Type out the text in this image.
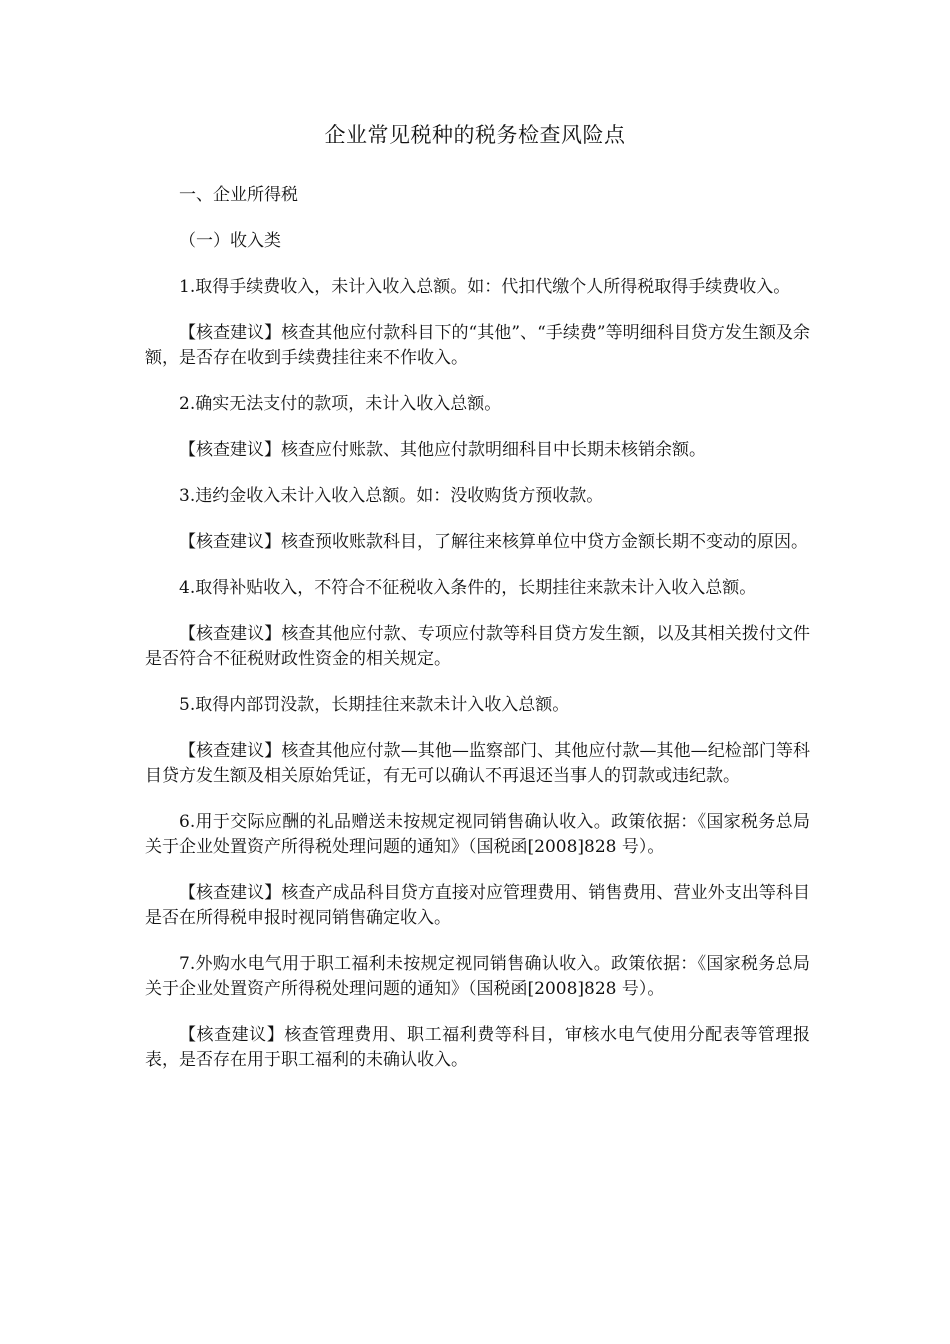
企业常见税种的税务检查风险点

一、企业所得税

（一）收入类

1.取得手续费收入，未计入收入总额。如：代扣代缴个人所得税取得手续费收入。

【核查建议】核查其他应付款科目下的“其他”、“手续费”等明细科目贷方发生额及余额，是否存在收到手续费挂往来不作收入。

2.确实无法支付的款项，未计入收入总额。

【核查建议】核查应付账款、其他应付款明细科目中长期未核销余额。

3.违约金收入未计入收入总额。如：没收购货方预收款。

【核查建议】核查预收账款科目，了解往来核算单位中贷方金额长期不变动的原因。

4.取得补贴收入，不符合不征税收入条件的，长期挂往来款未计入收入总额。

【核查建议】核查其他应付款、专项应付款等科目贷方发生额，以及其相关拨付文件是否符合不征税财政性资金的相关规定。

5.取得内部罚没款，长期挂往来款未计入收入总额。

【核查建议】核查其他应付款—其他—监察部门、其他应付款—其他—纪检部门等科目贷方发生额及相关原始凭证，有无可以确认不再退还当事人的罚款或违纪款。

6.用于交际应酬的礼品赠送未按规定视同销售确认收入。政策依据：《国家税务总局关于企业处置资产所得税处理问题的通知》（国税函[2008]828 号）。

【核查建议】核查产成品科目贷方直接对应管理费用、销售费用、营业外支出等科目是否在所得税申报时视同销售确定收入。

7.外购水电气用于职工福利未按规定视同销售确认收入。政策依据：《国家税务总局关于企业处置资产所得税处理问题的通知》（国税函[2008]828 号）。

【核查建议】核查管理费用、职工福利费等科目，审核水电气使用分配表等管理报表，是否存在用于职工福利的未确认收入。
